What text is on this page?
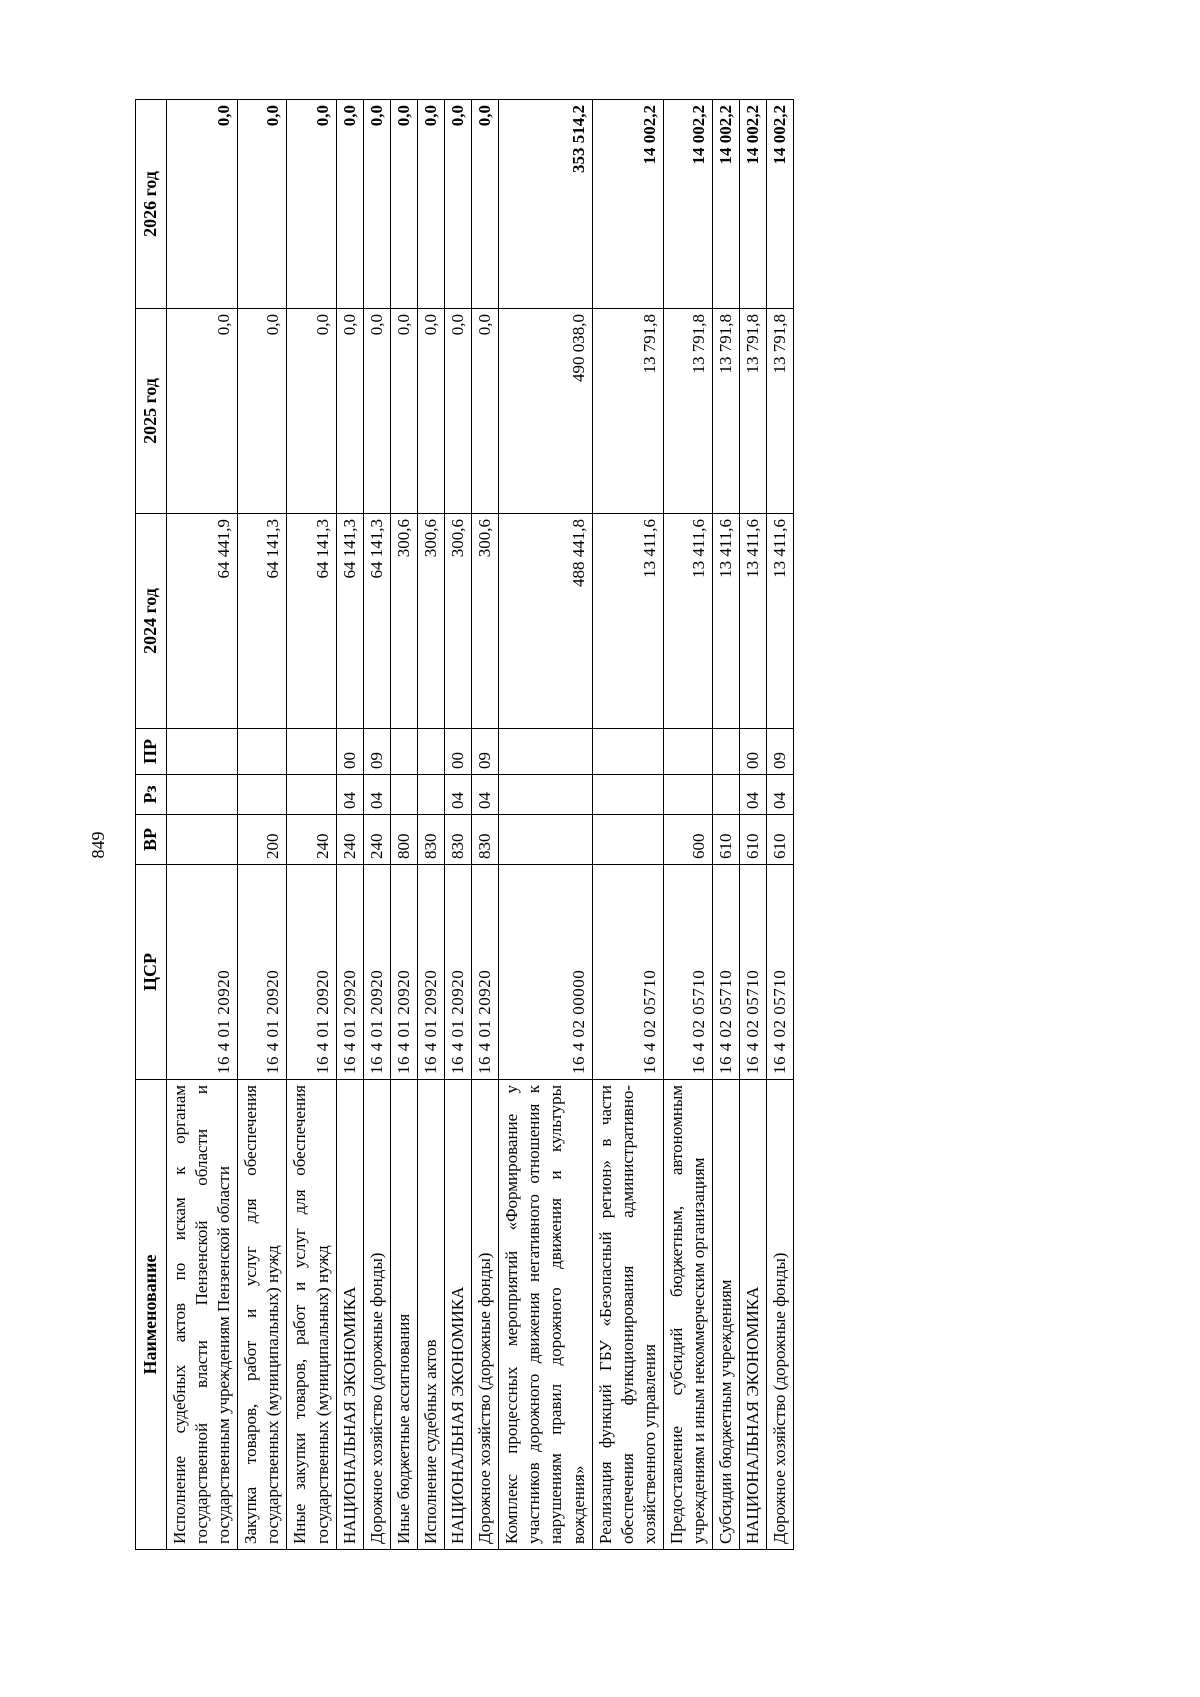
849
Наименование	ЦСР	ВР	Рз	ПР	2024 год	2025 год	2026 год
Исполнение судебных актов по искам к органам государственной власти Пензенской области и государственным учреждениям Пензенской области	16 4 01 20920				64 441,9	0,0	0,0
Закупка товаров, работ и услуг для обеспечения государственных (муниципальных) нужд	16 4 01 20920	200			64 141,3	0,0	0,0
Иные закупки товаров, работ и услуг для обеспечения государственных (муниципальных) нужд	16 4 01 20920	240			64 141,3	0,0	0,0
НАЦИОНАЛЬНАЯ ЭКОНОМИКА	16 4 01 20920	240	04	00	64 141,3	0,0	0,0
Дорожное хозяйство (дорожные фонды)	16 4 01 20920	240	04	09	64 141,3	0,0	0,0
Иные бюджетные ассигнования	16 4 01 20920	800			300,6	0,0	0,0
Исполнение судебных актов	16 4 01 20920	830			300,6	0,0	0,0
НАЦИОНАЛЬНАЯ ЭКОНОМИКА	16 4 01 20920	830	04	00	300,6	0,0	0,0
Дорожное хозяйство (дорожные фонды)	16 4 01 20920	830	04	09	300,6	0,0	0,0
Комплекс процессных мероприятий «Формирование у участников дорожного движения негативного отношения к нарушениям правил дорожного движения и культуры вождения»	16 4 02 00000				488 441,8	490 038,0	353 514,2
Реализация функций ГБУ «Безопасный регион» в части обеспечения функционирования административно-хозяйственного управления	16 4 02 05710				13 411,6	13 791,8	14 002,2
Предоставление субсидий бюджетным, автономным учреждениям и иным некоммерческим организациям	16 4 02 05710	600			13 411,6	13 791,8	14 002,2
Субсидии бюджетным учреждениям	16 4 02 05710	610			13 411,6	13 791,8	14 002,2
НАЦИОНАЛЬНАЯ ЭКОНОМИКА	16 4 02 05710	610	04	00	13 411,6	13 791,8	14 002,2
Дорожное хозяйство (дорожные фонды)	16 4 02 05710	610	04	09	13 411,6	13 791,8	14 002,2
